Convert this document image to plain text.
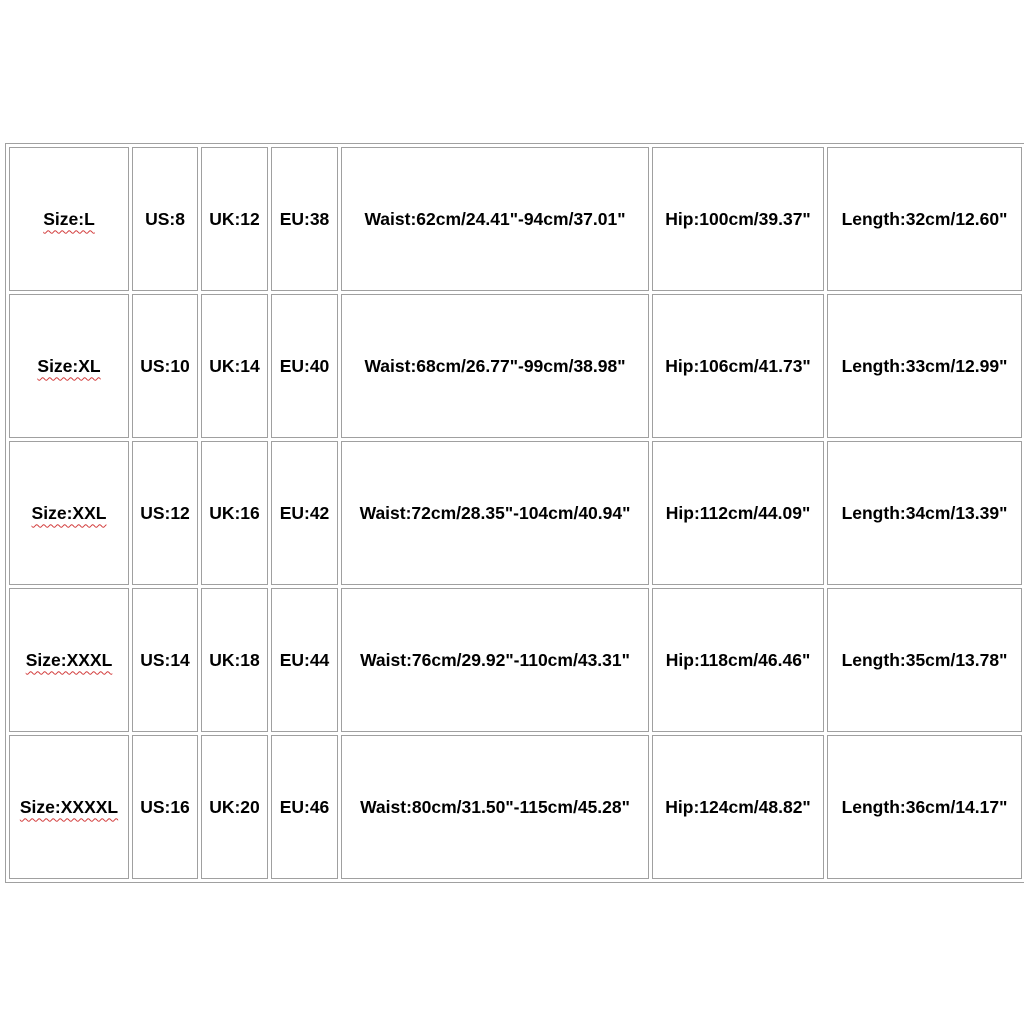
Size:L	US:8	UK:12	EU:38	Waist:62cm/24.41"-94cm/37.01"	Hip:100cm/39.37"	Length:32cm/12.60"
Size:XL	US:10	UK:14	EU:40	Waist:68cm/26.77"-99cm/38.98"	Hip:106cm/41.73"	Length:33cm/12.99"
Size:XXL	US:12	UK:16	EU:42	Waist:72cm/28.35"-104cm/40.94"	Hip:112cm/44.09"	Length:34cm/13.39"
Size:XXXL	US:14	UK:18	EU:44	Waist:76cm/29.92"-110cm/43.31"	Hip:118cm/46.46"	Length:35cm/13.78"
Size:XXXXL	US:16	UK:20	EU:46	Waist:80cm/31.50"-115cm/45.28"	Hip:124cm/48.82"	Length:36cm/14.17"
